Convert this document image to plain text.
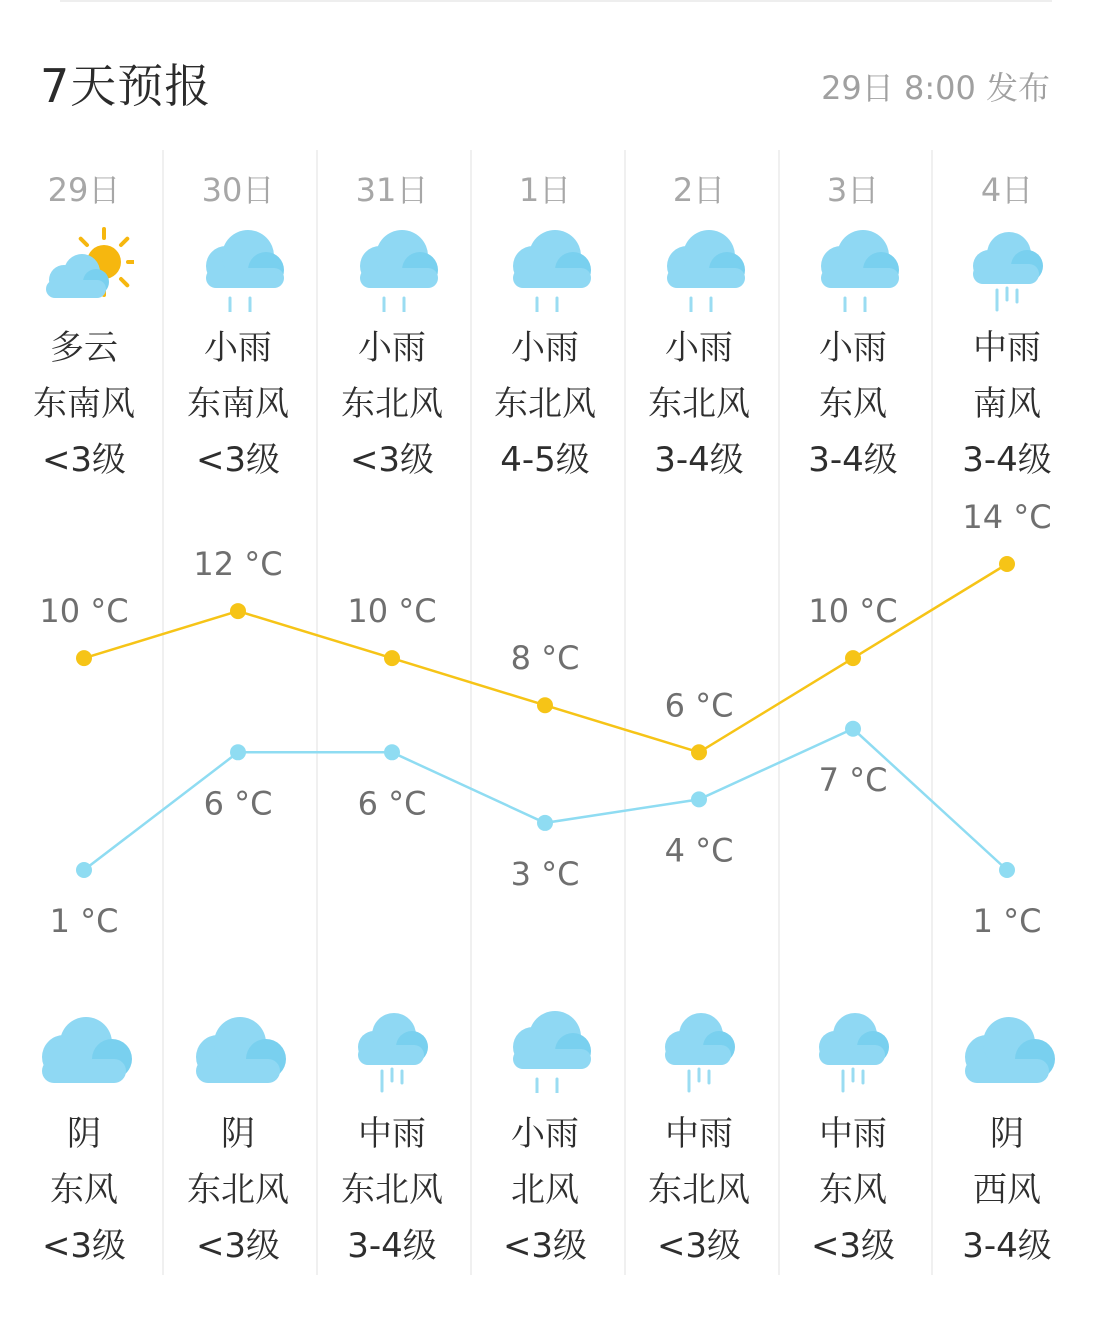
7天预报	29日 8:00 发布
29日
多云
东南风
<3级
阴
东风
<3级
30日
小雨
东南风
<3级
阴
东北风
<3级
31日
小雨
东北风
<3级
中雨
东北风
3-4级
1日
小雨
东北风
4-5级
小雨
北风
<3级
2日
小雨
东北风
3-4级
中雨
东北风
<3级
3日
小雨
东风
3-4级
中雨
东风
<3级
4日
中雨
南风
3-4级
阴
西风
3-4级
10 °C
12 °C
10 °C
8 °C
6 °C
10 °C
14 °C
1 °C
6 °C	6 °C
3 °C
4 °C
7 °C
1 °C
